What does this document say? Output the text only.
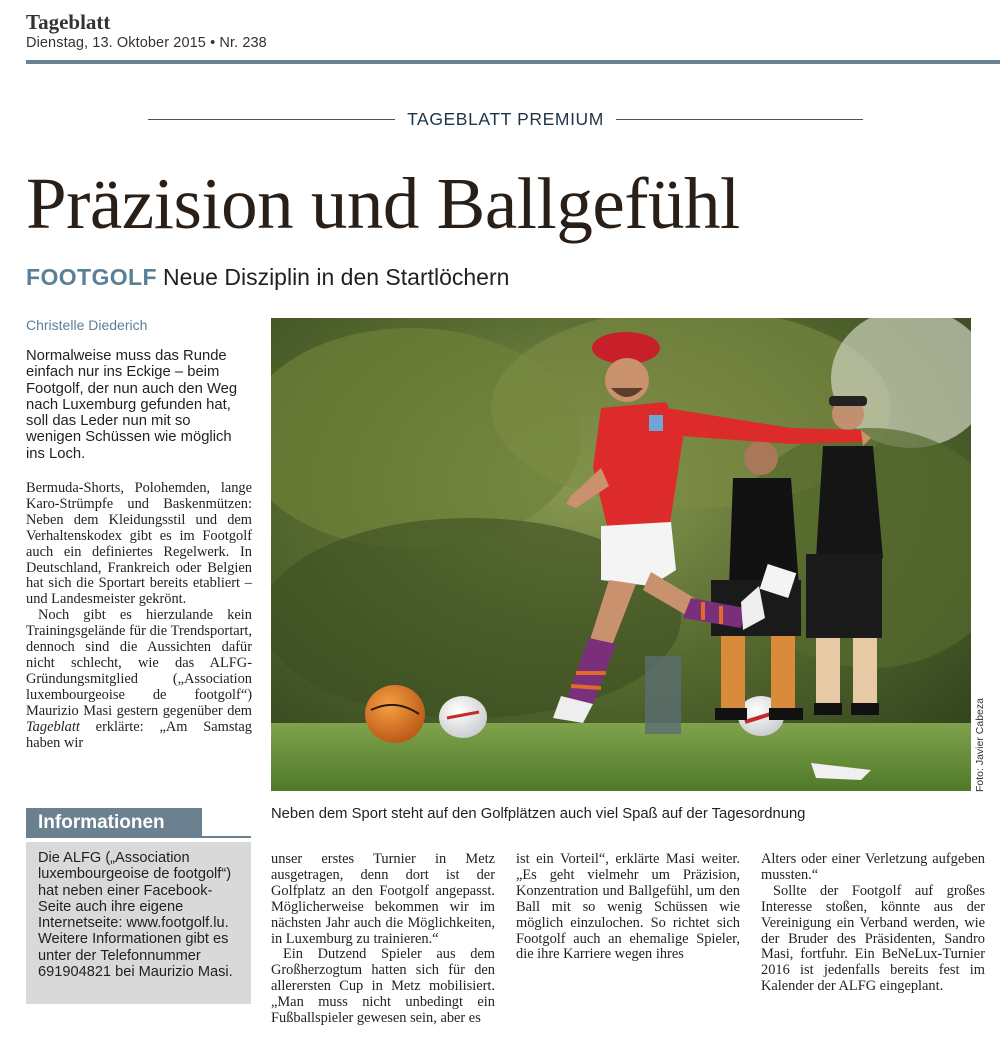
Tageblatt
Dienstag, 13. Oktober 2015 • Nr. 238
TAGEBLATT PREMIUM
Präzision und Ballgefühl
FOOTGOLF Neue Disziplin in den Startlöchern
Christelle Diederich

Normalweise muss das Runde einfach nur ins Eckige – beim Footgolf, der nun auch den Weg nach Luxemburg gefunden hat, soll das Leder nun mit so wenigen Schüssen wie möglich ins Loch.

Bermuda-Shorts, Polohemden, lange Karo-Strümpfe und Baskenmützen: Neben dem Kleidungsstil und dem Verhaltenskodex gibt es im Footgolf auch ein definiertes Regelwerk. In Deutschland, Frankreich oder Belgien hat sich die Sportart bereits etabliert – und Landesmeister gekrönt.

Noch gibt es hierzulande kein Trainingsgelände für die Trendsportart, dennoch sind die Aussichten dafür nicht schlecht, wie das ALFG-Gründungsmitglied („Association luxembourgeoise de footgolf“) Maurizio Masi gestern gegenüber dem Tageblatt erklärte: „Am Samstag haben wir

Informationen
Die ALFG („Association luxembourgeoise de footgolf“) hat neben einer Facebook-Seite auch ihre eigene Internetseite: www.footgolf.lu. Weitere Informationen gibt es unter der Telefonnummer 691904821 bei Maurizio Masi.
Foto: Javier Cabeza
Neben dem Sport steht auf den Golfplätzen auch viel Spaß auf der Tagesordnung

unser erstes Turnier in Metz ausgetragen, denn dort ist der Golfplatz an den Footgolf angepasst. Möglicherweise bekommen wir im nächsten Jahr auch die Möglichkeiten, in Luxemburg zu trainieren.“

Ein Dutzend Spieler aus dem Großherzogtum hatten sich für den allerersten Cup in Metz mobilisiert. „Man muss nicht unbedingt ein Fußballspieler gewesen sein, aber es

ist ein Vorteil“, erklärte Masi weiter. „Es geht vielmehr um Präzision, Konzentration und Ballgefühl, um den Ball mit so wenig Schüssen wie möglich einzulochen. So richtet sich Footgolf auch an ehemalige Spieler, die ihre Karriere wegen ihres

Alters oder einer Verletzung aufgeben mussten.“

Sollte der Footgolf auf großes Interesse stoßen, könnte aus der Vereinigung ein Verband werden, wie der Bruder des Präsidenten, Sandro Masi, fortfuhr. Ein BeNeLux-Turnier 2016 ist jedenfalls bereits fest im Kalender der ALFG eingeplant.
